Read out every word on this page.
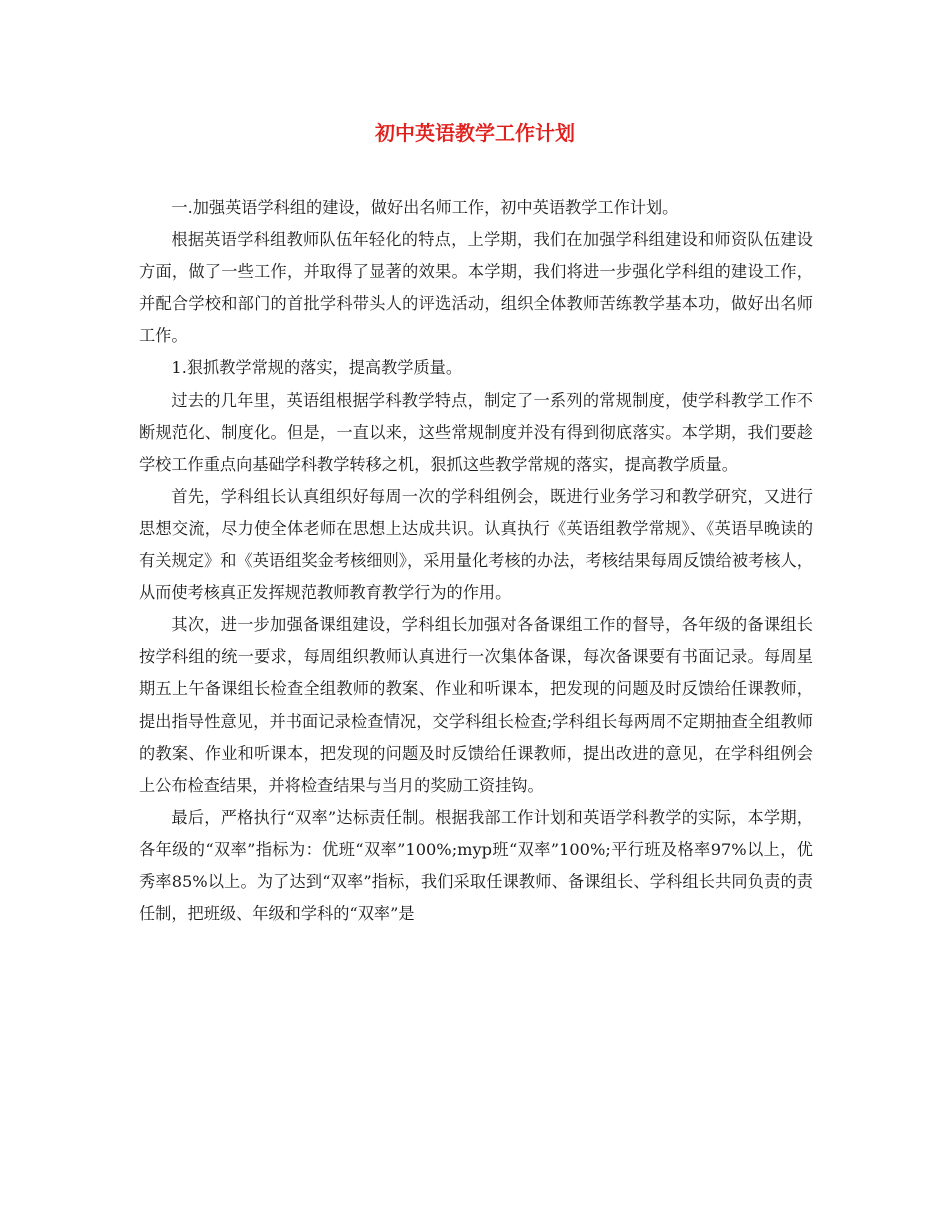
初中英语教学工作计划

一.加强英语学科组的建设，做好出名师工作，初中英语教学工作计划。

根据英语学科组教师队伍年轻化的特点，上学期，我们在加强学科组建设和师资队伍建设方面，做了一些工作，并取得了显著的效果。本学期，我们将进一步强化学科组的建设工作，并配合学校和部门的首批学科带头人的评选活动，组织全体教师苦练教学基本功，做好出名师工作。

1.狠抓教学常规的落实，提高教学质量。

过去的几年里，英语组根据学科教学特点，制定了一系列的常规制度，使学科教学工作不断规范化、制度化。但是，一直以来，这些常规制度并没有得到彻底落实。本学期，我们要趁学校工作重点向基础学科教学转移之机，狠抓这些教学常规的落实，提高教学质量。

首先，学科组长认真组织好每周一次的学科组例会，既进行业务学习和教学研究，又进行思想交流，尽力使全体老师在思想上达成共识。认真执行《英语组教学常规》、《英语早晚读的有关规定》和《英语组奖金考核细则》，采用量化考核的办法，考核结果每周反馈给被考核人，从而使考核真正发挥规范教师教育教学行为的作用。

其次，进一步加强备课组建设，学科组长加强对各备课组工作的督导，各年级的备课组长按学科组的统一要求，每周组织教师认真进行一次集体备课，每次备课要有书面记录。每周星期五上午备课组长检查全组教师的教案、作业和听课本，把发现的问题及时反馈给任课教师，提出指导性意见，并书面记录检查情况，交学科组长检查;学科组长每两周不定期抽查全组教师的教案、作业和听课本，把发现的问题及时反馈给任课教师，提出改进的意见，在学科组例会上公布检查结果，并将检查结果与当月的奖励工资挂钩。

最后，严格执行“双率”达标责任制。根据我部工作计划和英语学科教学的实际，本学期，各年级的“双率”指标为：优班“双率”100%;myp班“双率”100%;平行班及格率97%以上，优秀率85%以上。为了达到“双率”指标，我们采取任课教师、备课组长、学科组长共同负责的责任制，把班级、年级和学科的“双率”是
